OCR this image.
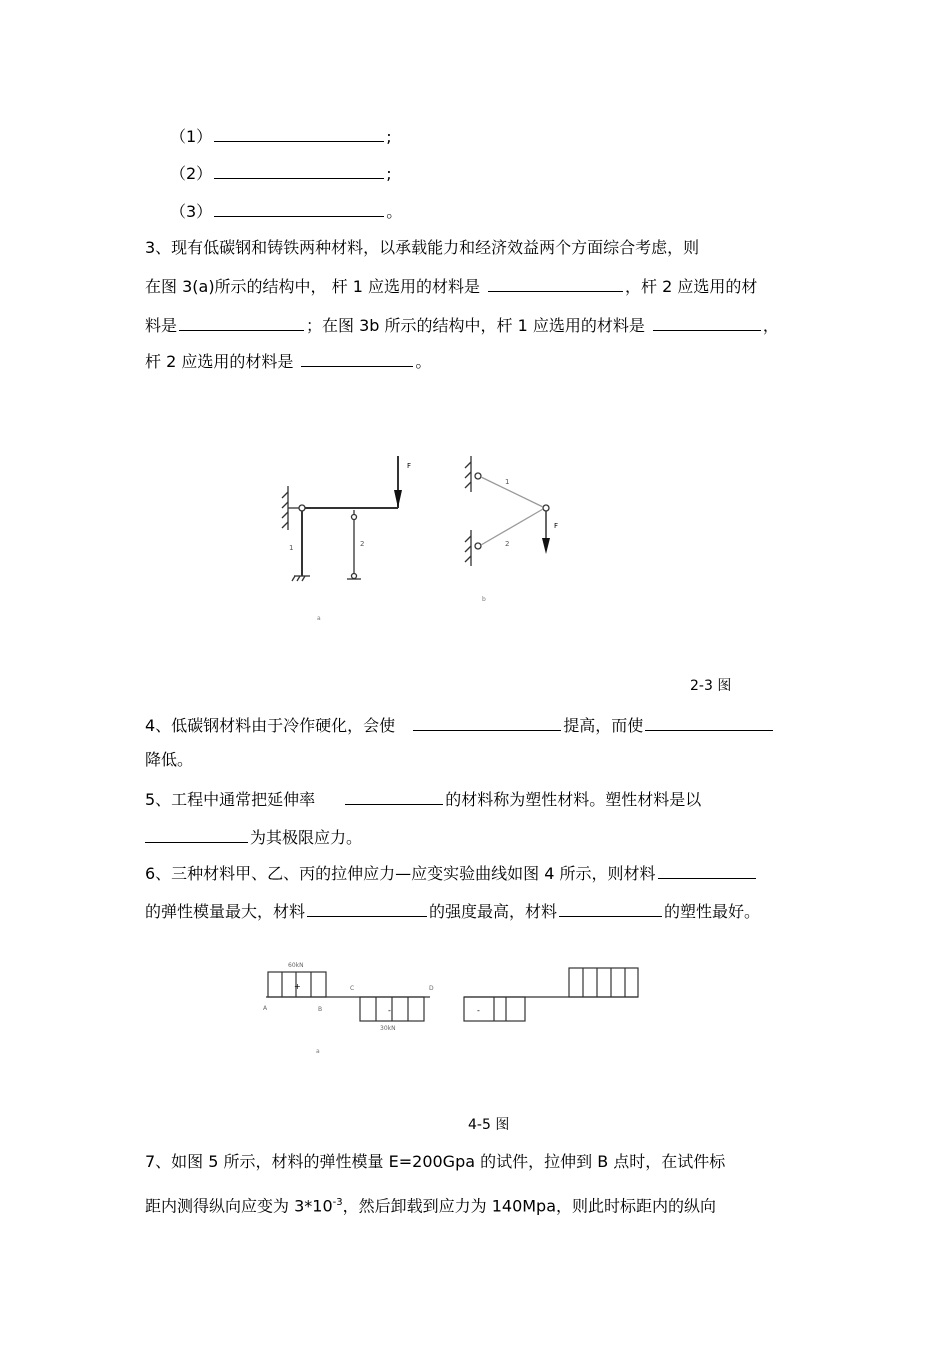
（1）	;
（2）	;
（3）	。
3、现有低碳钢和铸铁两种材料，以承载能力和经济效益两个方面综合考虑，则
在图 3(a)所示的结构中， 杆 1 应选用的材料是	，杆 2 应选用的材
料是	；在图 3b 所示的结构中，杆 1 应选用的材料是	，
杆 2 应选用的材料是	。
F
F
1	2
1
2
a
b
2-3 图
4、低碳钢材料由于冷作硬化，会使	提高，而使
降低。
5、工程中通常把延伸率	的材料称为塑性材料。塑性材料是以
为其极限应力。
6、三种材料甲、乙、丙的拉伸应力—应变实验曲线如图 4 所示，则材料
的弹性模量最大，材料	的强度最高，材料	的塑性最好。
60kN
30kN
A	B
C	D
a
+
-	-
4-5 图
7、如图 5 所示，材料的弹性模量 E=200Gpa 的试件，拉伸到 B 点时，在试件标
距内测得纵向应变为 $3*10^{-3}$，然后卸载到应力为 140Mpa，则此时标距内的纵向
